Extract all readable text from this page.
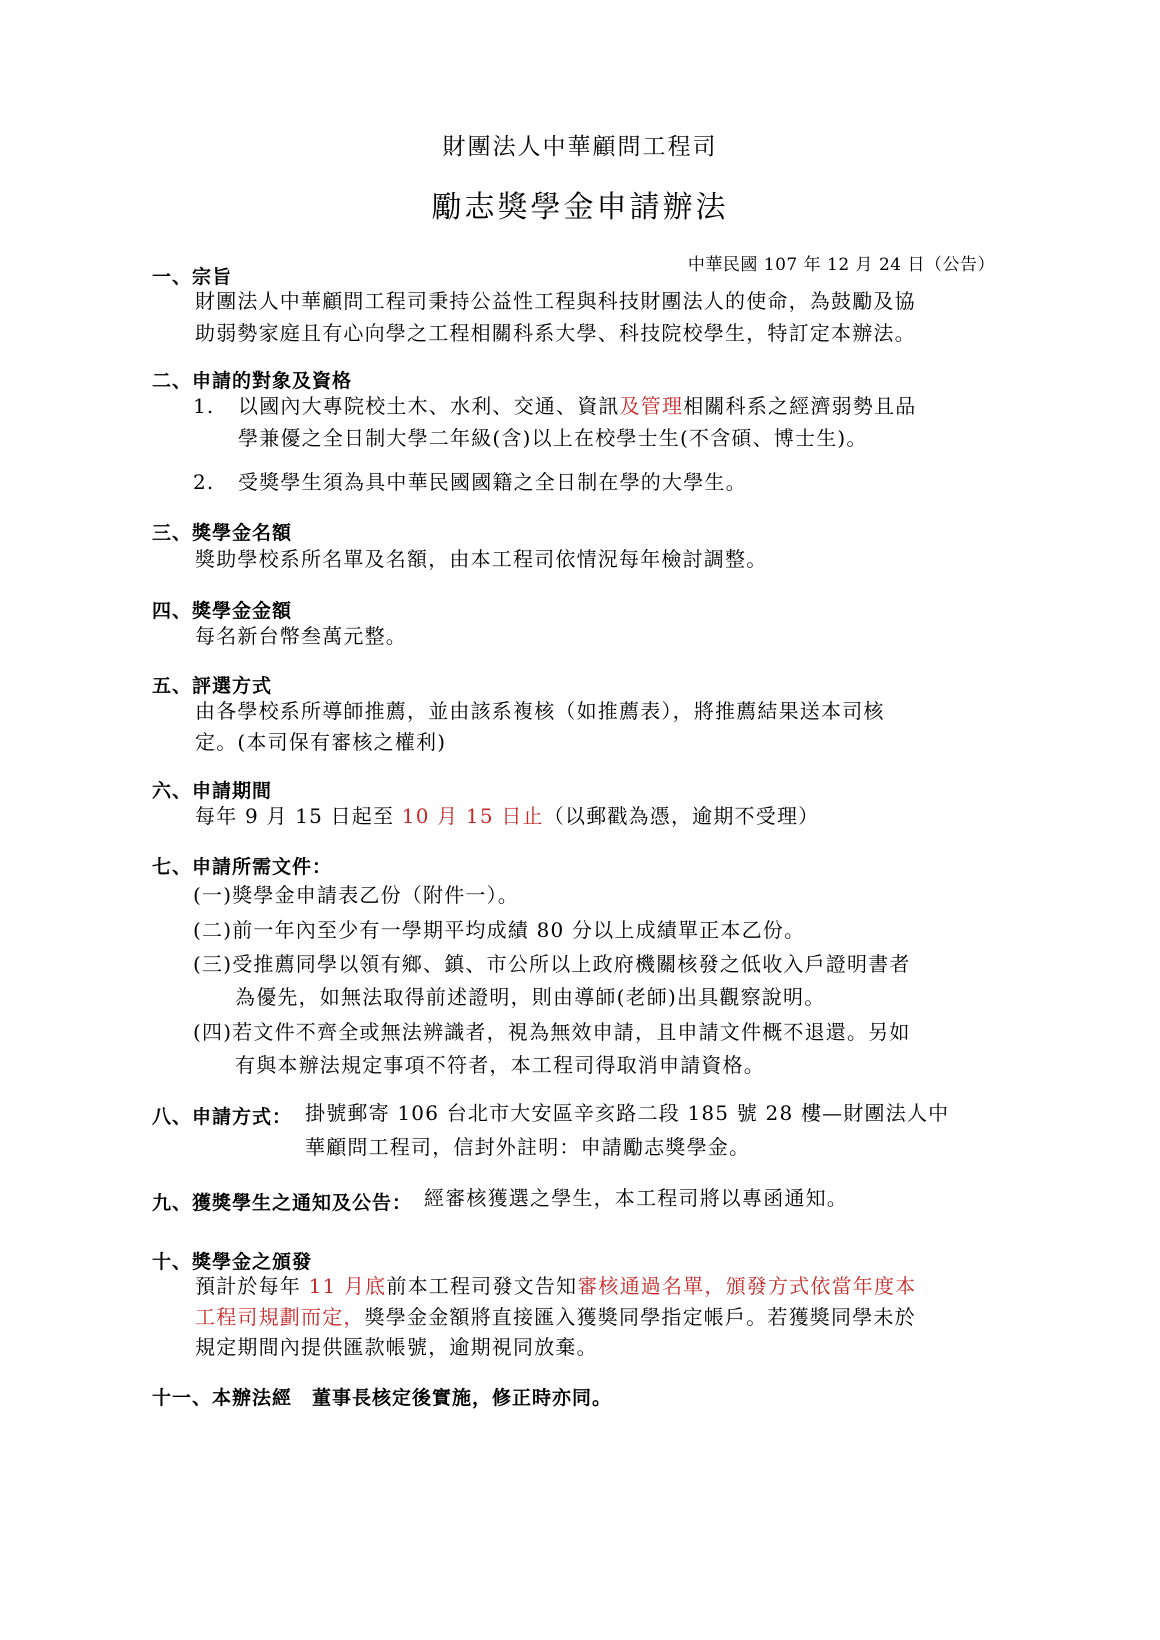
財團法人中華顧問工程司
勵志獎學金申請辦法
中華民國 107 年 12 月 24 日（公告）
一、宗旨
財團法人中華顧問工程司秉持公益性工程與科技財團法人的使命，為鼓勵及協
助弱勢家庭且有心向學之工程相關科系大學、科技院校學生，特訂定本辦法。
二、申請的對象及資格
1. 以國內大專院校土木、水利、交通、資訊及管理相關科系之經濟弱勢且品
學兼優之全日制大學二年級(含)以上在校學士生(不含碩、博士生)。
2. 受獎學生須為具中華民國國籍之全日制在學的大學生。
三、獎學金名額
獎助學校系所名單及名額，由本工程司依情況每年檢討調整。
四、獎學金金額
每名新台幣叁萬元整。
五、評選方式
由各學校系所導師推薦，並由該系複核（如推薦表），將推薦結果送本司核
定。(本司保有審核之權利)
六、申請期間
每年 9 月 15 日起至 10 月 15 日止（以郵戳為憑，逾期不受理）
七、申請所需文件：
(一)獎學金申請表乙份（附件一）。
(二)前一年內至少有一學期平均成績 80 分以上成績單正本乙份。
(三)受推薦同學以領有鄉、鎮、市公所以上政府機關核發之低收入戶證明書者
為優先，如無法取得前述證明，則由導師(老師)出具觀察說明。
(四)若文件不齊全或無法辨識者，視為無效申請，且申請文件概不退還。另如
有與本辦法規定事項不符者，本工程司得取消申請資格。
八、申請方式： 掛號郵寄 106 台北市大安區辛亥路二段 185 號 28 樓—財團法人中
華顧問工程司，信封外註明：申請勵志獎學金。
九、獲獎學生之通知及公告： 經審核獲選之學生，本工程司將以專函通知。
十、獎學金之頒發
預計於每年 11 月底前本工程司發文告知審核通過名單，頒發方式依當年度本
工程司規劃而定，獎學金金額將直接匯入獲獎同學指定帳戶。若獲獎同學未於
規定期間內提供匯款帳號，逾期視同放棄。
十一、本辦法經　董事長核定後實施，修正時亦同。
